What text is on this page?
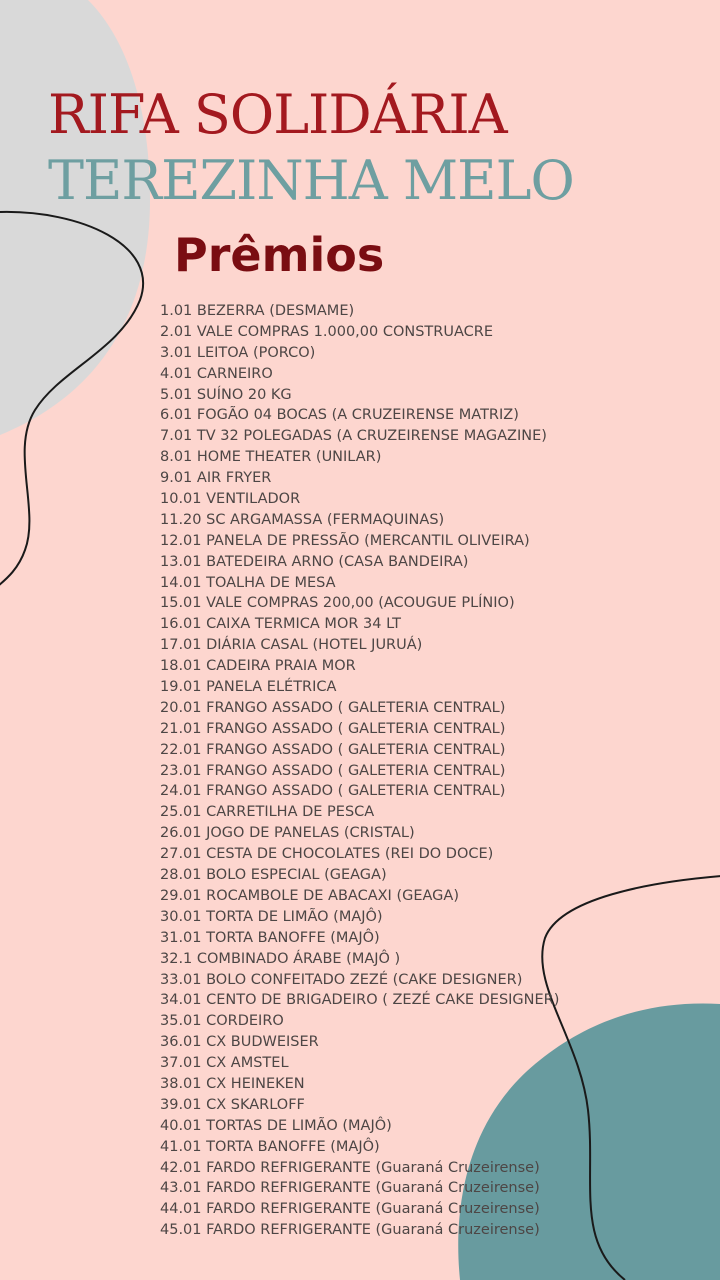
RIFA SOLIDÁRIA
TEREZINHA MELO
Prêmios
1.01 BEZERRA (DESMAME)
2.01 VALE COMPRAS 1.000,00 CONSTRUACRE
3.01 LEITOA (PORCO)
4.01 CARNEIRO
5.01 SUÍNO 20 KG
6.01 FOGÃO 04 BOCAS (A CRUZEIRENSE MATRIZ)
7.01 TV 32 POLEGADAS (A CRUZEIRENSE MAGAZINE)
8.01 HOME THEATER (UNILAR)
9.01 AIR FRYER
10.01 VENTILADOR
11.20 SC ARGAMASSA (FERMAQUINAS)
12.01 PANELA DE PRESSÃO (MERCANTIL OLIVEIRA)
13.01 BATEDEIRA ARNO (CASA BANDEIRA)
14.01 TOALHA DE MESA
15.01 VALE COMPRAS 200,00 (ACOUGUE PLÍNIO)
16.01 CAIXA TERMICA MOR 34 LT
17.01 DIÁRIA CASAL (HOTEL JURUÁ)
18.01 CADEIRA PRAIA MOR
19.01 PANELA ELÉTRICA
20.01 FRANGO ASSADO ( GALETERIA CENTRAL)
21.01 FRANGO ASSADO ( GALETERIA CENTRAL)
22.01 FRANGO ASSADO ( GALETERIA CENTRAL)
23.01 FRANGO ASSADO ( GALETERIA CENTRAL)
24.01 FRANGO ASSADO ( GALETERIA CENTRAL)
25.01 CARRETILHA DE PESCA
26.01 JOGO DE PANELAS (CRISTAL)
27.01 CESTA DE CHOCOLATES (REI DO DOCE)
28.01 BOLO ESPECIAL (GEAGA)
29.01 ROCAMBOLE DE ABACAXI (GEAGA)
30.01 TORTA DE LIMÃO (MAJÔ)
31.01 TORTA BANOFFE (MAJÔ)
32.1 COMBINADO ÁRABE (MAJÔ )
33.01 BOLO CONFEITADO ZEZÉ (CAKE DESIGNER)
34.01 CENTO DE BRIGADEIRO ( ZEZÉ CAKE DESIGNER)
35.01 CORDEIRO
36.01 CX BUDWEISER
37.01 CX AMSTEL
38.01 CX HEINEKEN
39.01 CX SKARLOFF
40.01 TORTAS DE LIMÃO (MAJÔ)
41.01 TORTA BANOFFE (MAJÔ)
42.01 FARDO REFRIGERANTE (Guaraná Cruzeirense)
43.01 FARDO REFRIGERANTE (Guaraná Cruzeirense)
44.01 FARDO REFRIGERANTE (Guaraná Cruzeirense)
45.01 FARDO REFRIGERANTE (Guaraná Cruzeirense)
